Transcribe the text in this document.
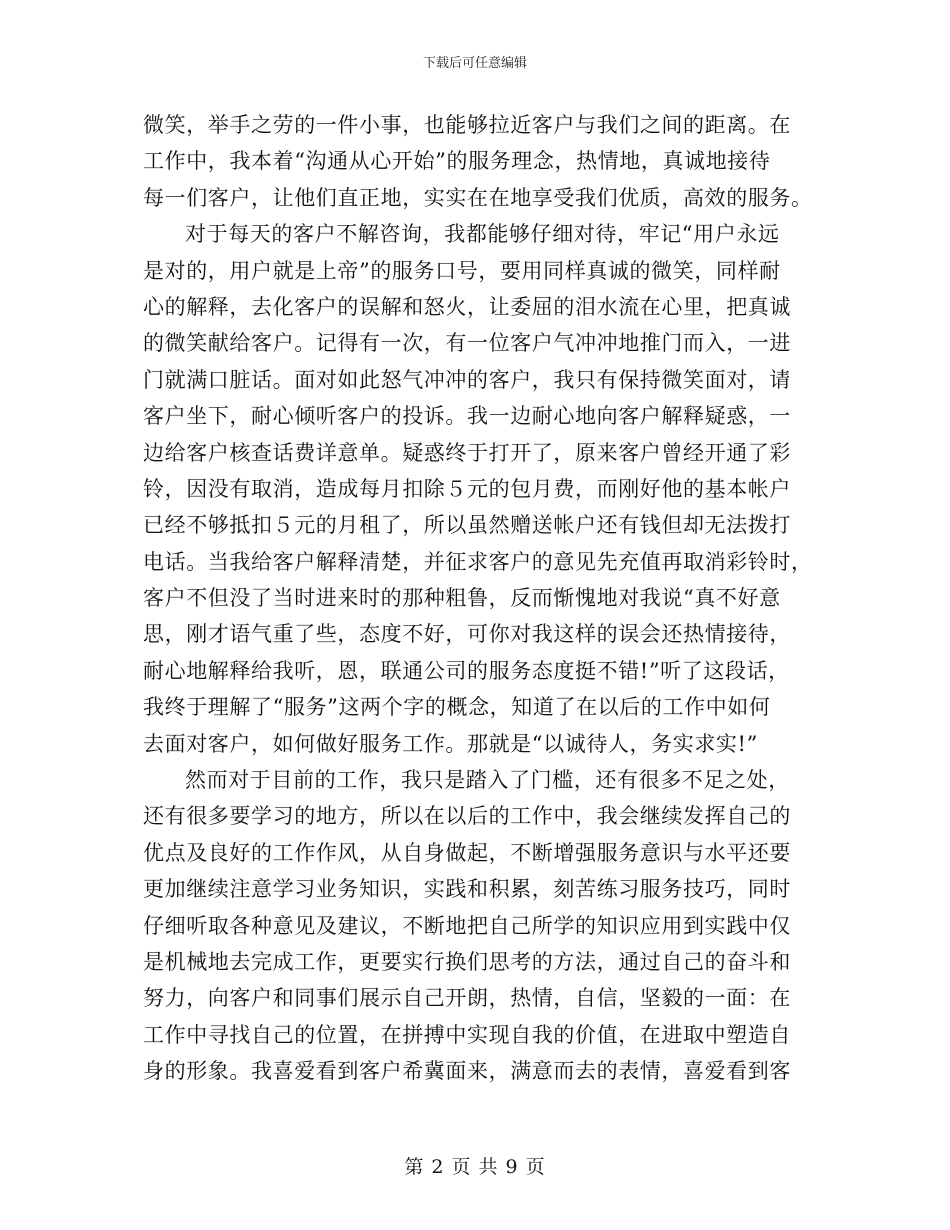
下载后可任意编辑
微笑，举手之劳的一件小事，也能够拉近客户与我们之间的距离。在
工作中，我本着“沟通从心开始”的服务理念，热情地，真诚地接待
每一们客户，让他们直正地，实实在在地享受我们优质，高效的服务。
对于每天的客户不解咨询，我都能够仔细对待，牢记“用户永远
是对的，用户就是上帝”的服务口号，要用同样真诚的微笑，同样耐
心的解释，去化客户的误解和怒火，让委屈的泪水流在心里，把真诚
的微笑献给客户。记得有一次，有一位客户气冲冲地推门而入，一进
门就满口脏话。面对如此怒气冲冲的客户，我只有保持微笑面对，请
客户坐下，耐心倾听客户的投诉。我一边耐心地向客户解释疑惑，一
边给客户核查话费详意单。疑惑终于打开了，原来客户曾经开通了彩
铃，因没有取消，造成每月扣除５元的包月费，而刚好他的基本帐户
已经不够抵扣５元的月租了，所以虽然赠送帐户还有钱但却无法拨打
电话。当我给客户解释清楚，并征求客户的意见先充值再取消彩铃时，
客户不但没了当时进来时的那种粗鲁，反而惭愧地对我说“真不好意
思，刚才语气重了些，态度不好，可你对我这样的误会还热情接待，
耐心地解释给我听，恩，联通公司的服务态度挺不错!”听了这段话，
我终于理解了“服务”这两个字的概念，知道了在以后的工作中如何
去面对客户，如何做好服务工作。那就是“以诚待人，务实求实!”
然而对于目前的工作，我只是踏入了门槛，还有很多不足之处，
还有很多要学习的地方，所以在以后的工作中，我会继续发挥自己的
优点及良好的工作作风，从自身做起，不断增强服务意识与水平还要
更加继续注意学习业务知识，实践和积累，刻苦练习服务技巧，同时
仔细听取各种意见及建议，不断地把自己所学的知识应用到实践中仅
是机械地去完成工作，更要实行换们思考的方法，通过自己的奋斗和
努力，向客户和同事们展示自己开朗，热情，自信，坚毅的一面：在
工作中寻找自己的位置，在拼搏中实现自我的价值，在进取中塑造自
身的形象。我喜爱看到客户希冀面来，满意而去的表情，喜爱看到客
第 2 页 共 9 页
